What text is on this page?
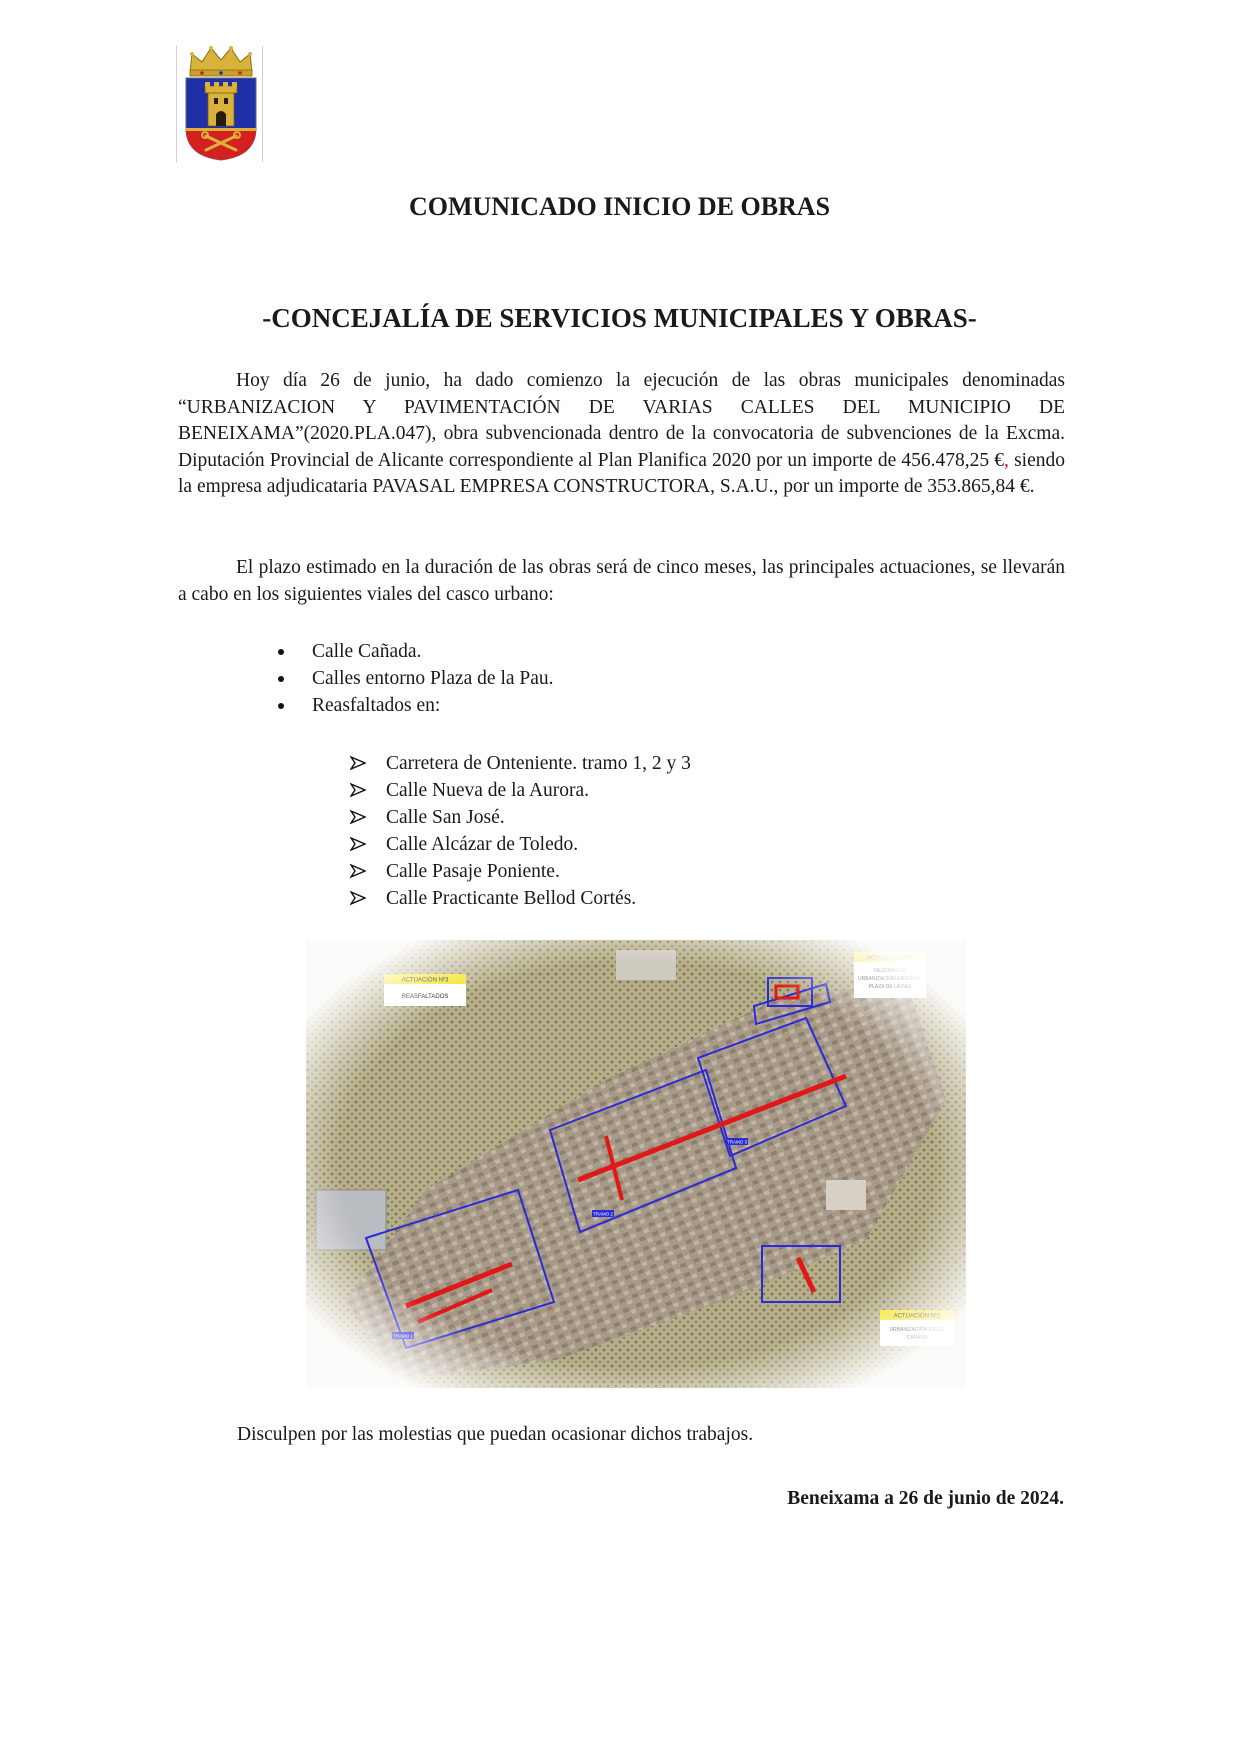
COMUNICADO INICIO DE OBRAS
-CONCEJALÍA DE SERVICIOS MUNICIPALES Y OBRAS-

Hoy día 26 de junio, ha dado comienzo la ejecución de las obras municipales denominadas “URBANIZACION Y PAVIMENTACIÓN DE VARIAS CALLES DEL MUNICIPIO DE BENEIXAMA”(2020.PLA.047), obra subvencionada dentro de la convocatoria de subvenciones de la Excma. Diputación Provincial de Alicante correspondiente al Plan Planifica 2020 por un importe de 456.478,25 €, siendo la empresa adjudicataria PAVASAL EMPRESA CONSTRUCTORA, S.A.U., por un importe de 353.865,84 €.

El plazo estimado en la duración de las obras será de cinco meses, las principales actuaciones, se llevarán a cabo en los siguientes viales del casco urbano:

Calle Cañada.
Calles entorno Plaza de la Pau.
Reasfaltados en:
Carretera de Onteniente. tramo 1, 2 y 3
Calle Nueva de la Aurora.
Calle San José.
Calle Alcázar de Toledo.
Calle Pasaje Poniente.
Calle Practicante Bellod Cortés.
Disculpen por las molestias que puedan ocasionar dichos trabajos.
Beneixama a 26 de junio de 2024.
